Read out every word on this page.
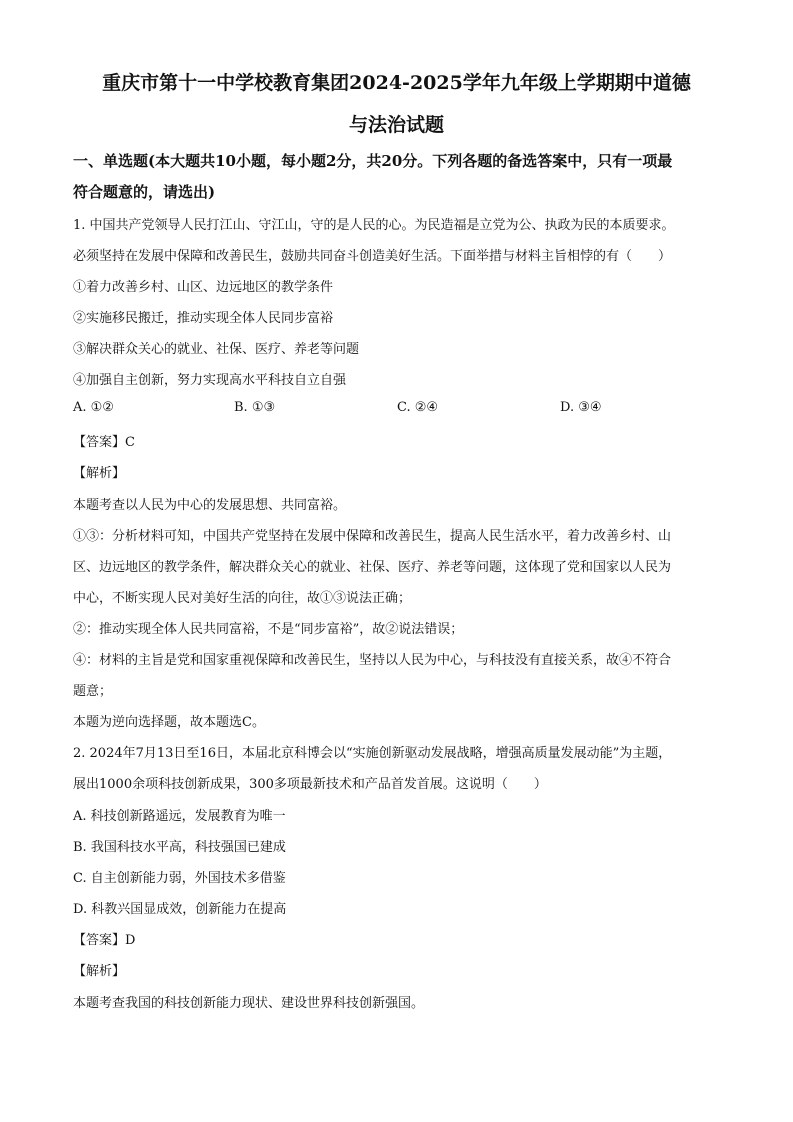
重庆市第十一中学校教育集团2024-2025学年九年级上学期期中道德
与法治试题
一、单选题(本大题共10小题，每小题2分，共20分。下列各题的备选答案中，只有一项最
符合题意的，请选出)
1. 中国共产党领导人民打江山、守江山，守的是人民的心。为民造福是立党为公、执政为民的本质要求。
必须坚持在发展中保障和改善民生，鼓励共同奋斗创造美好生活。下面举措与材料主旨相悖的有（　　）
①着力改善乡村、山区、边远地区的教学条件
②实施移民搬迁，推动实现全体人民同步富裕
③解决群众关心的就业、社保、医疗、养老等问题
④加强自主创新，努力实现高水平科技自立自强
A. ①②	B. ①③	C. ②④	D. ③④
【答案】C
【解析】
本题考查以人民为中心的发展思想、共同富裕。
①③：分析材料可知，中国共产党坚持在发展中保障和改善民生，提高人民生活水平，着力改善乡村、山
区、边远地区的教学条件，解决群众关心的就业、社保、医疗、养老等问题，这体现了党和国家以人民为
中心，不断实现人民对美好生活的向往，故①③说法正确；
②：推动实现全体人民共同富裕，不是“同步富裕”，故②说法错误；
④：材料的主旨是党和国家重视保障和改善民生，坚持以人民为中心，与科技没有直接关系，故④不符合
题意；
本题为逆向选择题，故本题选C。
2. 2024年7月13日至16日，本届北京科博会以“实施创新驱动发展战略，增强高质量发展动能”为主题，
展出1000余项科技创新成果，300多项最新技术和产品首发首展。这说明（　　）
A. 科技创新路遥远，发展教育为唯一
B. 我国科技水平高，科技强国已建成
C. 自主创新能力弱，外国技术多借鉴
D. 科教兴国显成效，创新能力在提高
【答案】D
【解析】
本题考查我国的科技创新能力现状、建设世界科技创新强国。
